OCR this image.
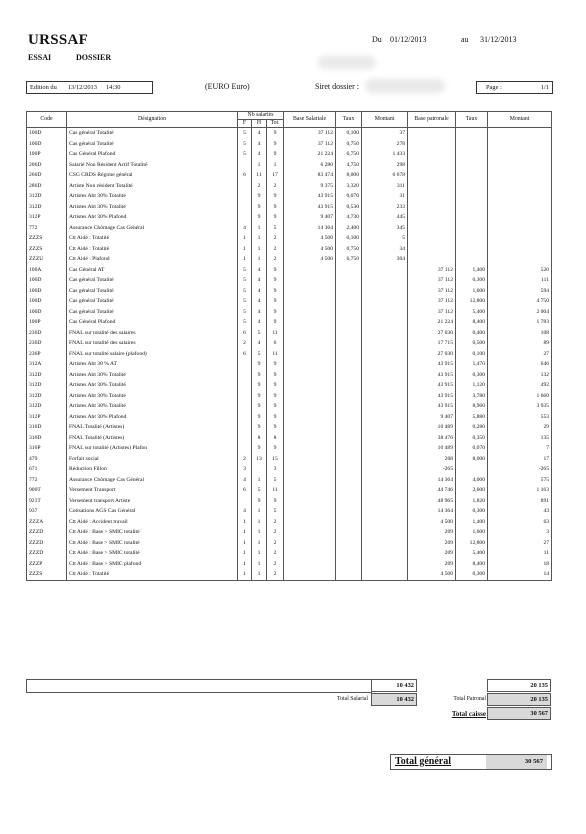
URSSAF
ESSAI	DOSSIER
Du 01/12/2013	au 31/12/2013
Edition du 13/12/2013 14:30	(EURO Euro)	Siret dossier :	Page :	1/1
Code	Désignation	Nb salariés			Base Salariale	Taux	Montant	Base patronale	Taux	Montant
		F	H	Tot.						
100D	Cas général Totalité	5	4	9	37 112	0,100	37			
100D	Cas général Totalité	5	4	9	37 112	0,750	278			
100P	Cas Général Plafond	5	4	9	21 224	6,750	1 433			
206D	Salarié Non Résident Actif Totalité		1	1	6 280	4,750	298			
260D	CSG CRDS Régime général	6	11	17	83 474	8,000	6 678			
286D	Artiste Non résident Totalité		2	2	9 375	3,320	311			
312D	Artistes Abt 30% Totalité		9	9	43 915	0,070	31			
312D	Artistes Abt 30% Totalité		9	9	43 915	0,530	233			
312P	Artistes Abt 30% Plafond		9	9	9 407	4,730	445			
772	Assurance Chômage Cas Général	4	1	5	14 364	2,400	345			
ZZZS	Ctt Aidé : Totalité	1	1	2	4 500	0,100	5			
ZZZS	Ctt Aidé : Totalité	1	1	2	4 500	0,750	34			
ZZZU	Ctt Aidé : Plafond	1	1	2	4 500	6,750	304			
100A	Cas Général AT	5	4	9				37 112	1,400	520
100D	Cas général Totalité	5	4	9				37 112	0,300	111
100D	Cas général Totalité	5	4	9				37 112	1,600	594
100D	Cas général Totalité	5	4	9				37 112	12,800	4 750
100D	Cas général Totalité	5	4	9				37 112	5,400	2 004
100P	Cas Général Plafond	5	4	9				21 224	8,400	1 783
236D	FNAL sur totalité des salaires	6	5	11				27 030	0,400	108
236D	FNAL sur totalité des salaires	2	4	6				17 715	0,500	89
236P	FNAL sur totalité salaire (plafond)	6	5	11				27 030	0,100	27
312A	Artistes Abt 30 % AT		9	9				43 915	1,470	646
312D	Artistes Abt 30% Totalité		9	9				43 915	0,300	132
312D	Artistes Abt 30% Totalité		9	9				43 915	1,120	492
312D	Artistes Abt 30% Totalité		9	9				43 915	3,780	1 660
312D	Artistes Abt 30% Totalité		9	9				43 915	8,960	3 935
312P	Artistes Abt 30% Plafond		9	9				9 407	5,880	553
316D	FNAL Totalité (Artistes)		9	9				10 489	0,280	29
316D	FNAL Totalité (Artistes)		8	8				38 476	0,350	135
316P	FNAL sur totalité (Artistes) Plafon		9	9				10 489	0,070	7
479	Forfait social	2	13	15				208	8,000	17
671	Réduction Fillon	3		3				-265		-265
772	Assurance Chômage Cas Général	4	1	5				14 364	4,000	575
900T	Versement Transport	6	5	11				44 746	2,600	1 163
921T	Versement transport Artiste		9	9				48 965	1,820	891
937	Cotisations AGS Cas Général	4	1	5				14 364	0,300	43
ZZZA	Ctt Aidé : Accident travail	1	1	2				4 500	1,400	63
ZZZD	Ctt Aidé : Base > SMIC totalité	1	1	2				209	1,600	3
ZZZD	Ctt Aidé : Base > SMIC totalité	1	1	2				209	12,800	27
ZZZD	Ctt Aidé : Base > SMIC totalité	1	1	2				209	5,400	11
ZZZP	Ctt Aidé : Base > SMIC plafond	1	1	2				209	8,400	18
ZZZS	Ctt Aidé : Totalité	1	1	2				4 500	0,300	14
10 432	20 135
Total Salarial	10 432	Total Patronal	20 135
Total caisse	30 567
Total général	30 567
